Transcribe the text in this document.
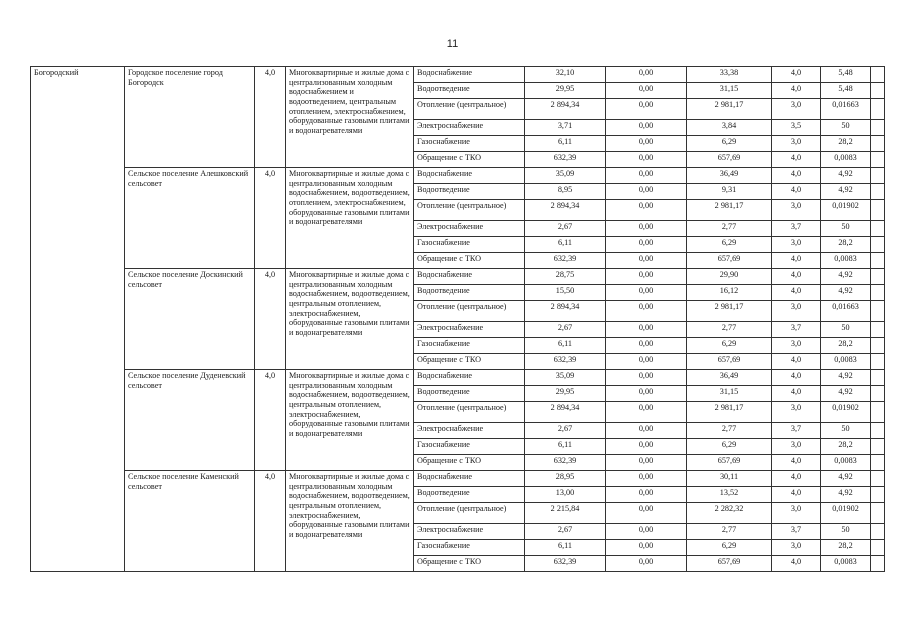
11
Богородский	Городское поселение город Богородск	4,0	Многоквартирные и жилые дома с централизованным холодным водоснабжением и водоотведением, центральным отоплением, электроснабжением, оборудованные газовыми плитами и водонагревателями	Водоснабжение	32,10	0,00	33,38	4,0	5,48	
				Водоотведение	29,95	0,00	31,15	4,0	5,48	
				Отопление (центральное)	2 894,34	0,00	2 981,17	3,0	0,01663	
				Электроснабжение	3,71	0,00	3,84	3,5	50	
				Газоснабжение	6,11	0,00	6,29	3,0	28,2	
				Обращение с ТКО	632,39	0,00	657,69	4,0	0,0083	
	Сельское поселение Алешковский сельсовет	4,0	Многоквартирные и жилые дома с централизованным холодным водоснабжением, водоотведением, отоплением, электроснабжением, оборудованные газовыми плитами и водонагревателями	Водоснабжение	35,09	0,00	36,49	4,0	4,92	
				Водоотведение	8,95	0,00	9,31	4,0	4,92	
				Отопление (центральное)	2 894,34	0,00	2 981,17	3,0	0,01902	
				Электроснабжение	2,67	0,00	2,77	3,7	50	
				Газоснабжение	6,11	0,00	6,29	3,0	28,2	
				Обращение с ТКО	632,39	0,00	657,69	4,0	0,0083	
	Сельское поселение Доскинский сельсовет	4,0	Многоквартирные и жилые дома с централизованным холодным водоснабжением, водоотведением, центральным отоплением, электроснабжением, оборудованные газовыми плитами и водонагревателями	Водоснабжение	28,75	0,00	29,90	4,0	4,92	
				Водоотведение	15,50	0,00	16,12	4,0	4,92	
				Отопление (центральное)	2 894,34	0,00	2 981,17	3,0	0,01663	
				Электроснабжение	2,67	0,00	2,77	3,7	50	
				Газоснабжение	6,11	0,00	6,29	3,0	28,2	
				Обращение с ТКО	632,39	0,00	657,69	4,0	0,0083	
	Сельское поселение Дуденевский сельсовет	4,0	Многоквартирные и жилые дома с централизованным холодным водоснабжением, водоотведением, центральным отоплением, электроснабжением, оборудованные газовыми плитами и водонагревателями	Водоснабжение	35,09	0,00	36,49	4,0	4,92	
				Водоотведение	29,95	0,00	31,15	4,0	4,92	
				Отопление (центральное)	2 894,34	0,00	2 981,17	3,0	0,01902	
				Электроснабжение	2,67	0,00	2,77	3,7	50	
				Газоснабжение	6,11	0,00	6,29	3,0	28,2	
				Обращение с ТКО	632,39	0,00	657,69	4,0	0,0083	
	Сельское поселение Каменский сельсовет	4,0	Многоквартирные и жилые дома с централизованным холодным водоснабжением, водоотведением, центральным отоплением, электроснабжением, оборудованные газовыми плитами и водонагревателями	Водоснабжение	28,95	0,00	30,11	4,0	4,92	
				Водоотведение	13,00	0,00	13,52	4,0	4,92	
				Отопление (центральное)	2 215,84	0,00	2 282,32	3,0	0,01902	
				Электроснабжение	2,67	0,00	2,77	3,7	50	
				Газоснабжение	6,11	0,00	6,29	3,0	28,2	
				Обращение с ТКО	632,39	0,00	657,69	4,0	0,0083	
